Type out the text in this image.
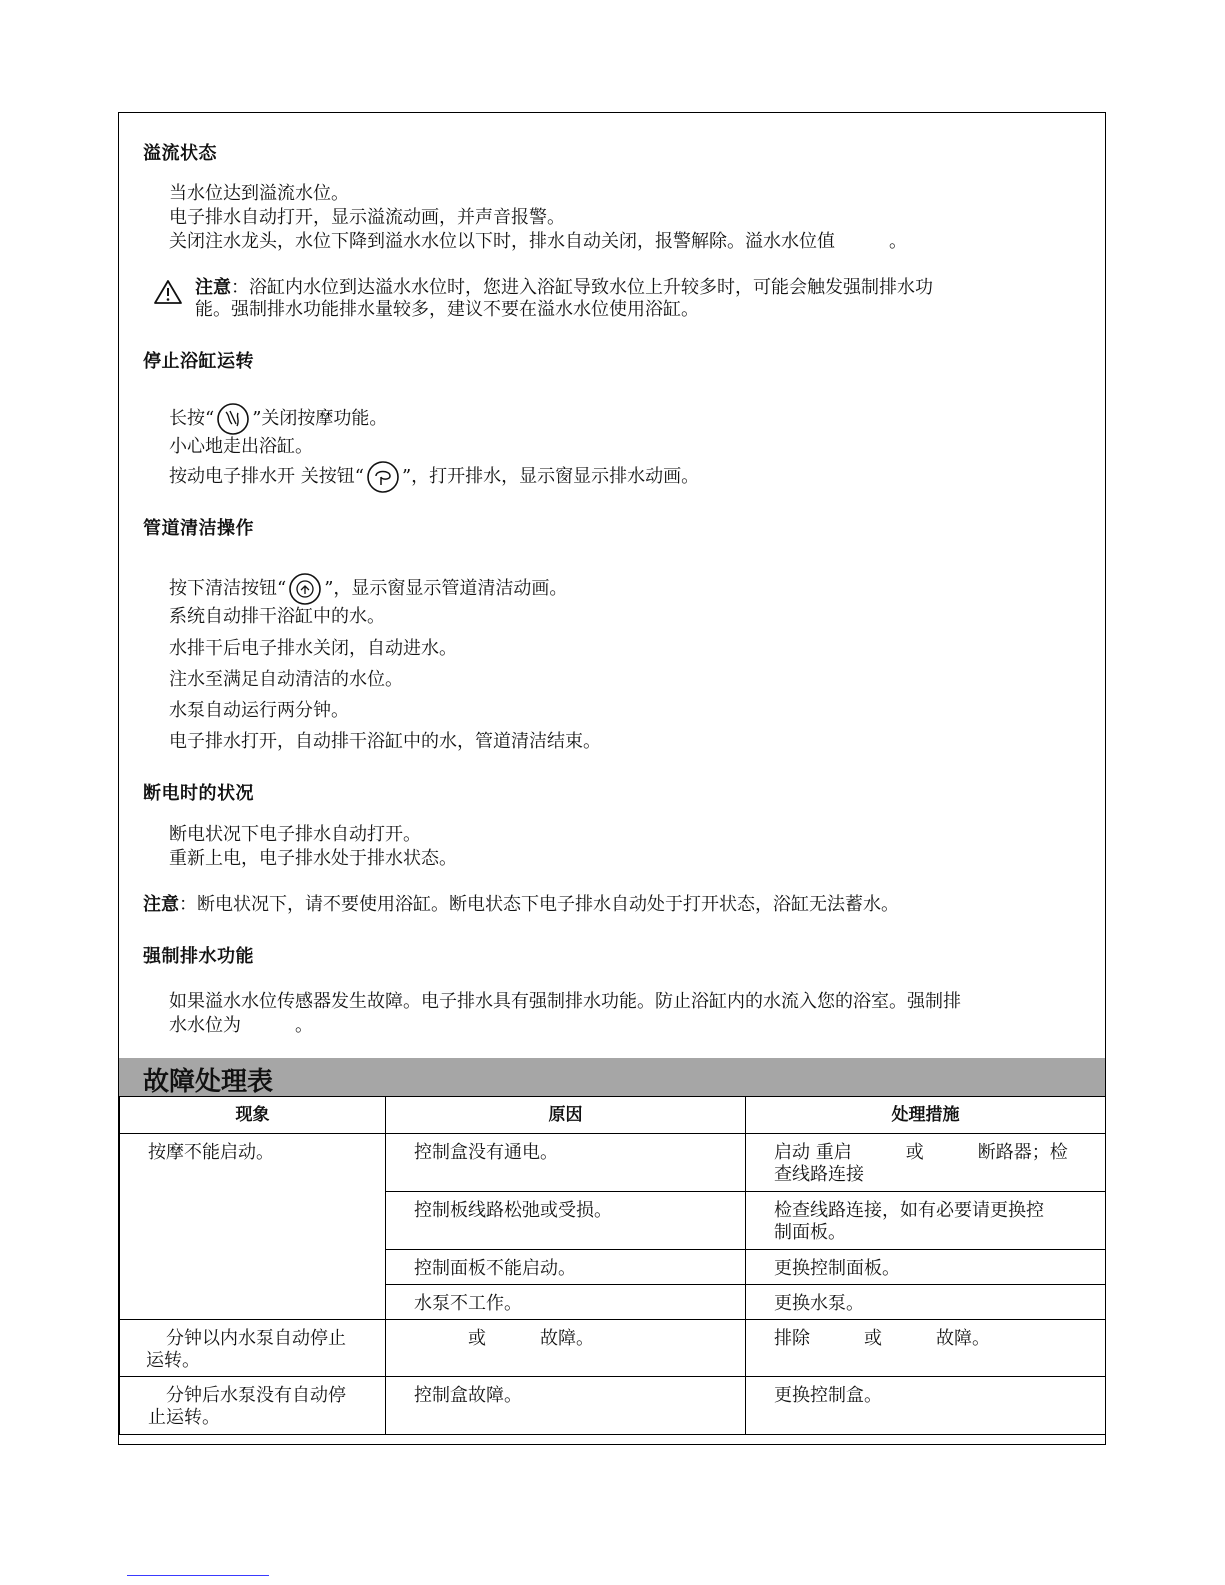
溢流状态
当水位达到溢流水位。
电子排水自动打开，显示溢流动画，并声音报警。
关闭注水龙头，水位下降到溢水水位以下时，排水自动关闭，报警解除。溢水水位值　　　。
注意：浴缸内水位到达溢水水位时，您进入浴缸导致水位上升较多时，可能会触发强制排水功
能。强制排水功能排水量较多，建议不要在溢水水位使用浴缸。
停止浴缸运转
长按“ ”关闭按摩功能。
小心地走出浴缸。
按动电子排水开 关按钮“ ”，打开排水，显示窗显示排水动画。
管道清洁操作
按下清洁按钮“ ”，显示窗显示管道清洁动画。
系统自动排干浴缸中的水。
水排干后电子排水关闭，自动进水。
注水至满足自动清洁的水位。
水泵自动运行两分钟。
电子排水打开，自动排干浴缸中的水，管道清洁结束。
断电时的状况
断电状况下电子排水自动打开。
重新上电，电子排水处于排水状态。
注意：断电状况下，请不要使用浴缸。断电状态下电子排水自动处于打开状态，浴缸无法蓄水。
强制排水功能
如果溢水水位传感器发生故障。电子排水具有强制排水功能。防止浴缸内的水流入您的浴室。强制排
水水位为　　　。
故障处理表
现象	原因	处理措施
按摩不能启动。	控制盒没有通电。	启动 重启　　　或　　　断路器；检
查线路连接

	控制板线路松弛或受损。	检查线路连接，如有必要请更换控
制面板。

	控制面板不能启动。	更换控制面板。
	水泵不工作。	更换水泵。

　分钟以内水泵自动停止
运转。	　　　或　　　故障。	排除　　　或　　　故障。

　分钟后水泵没有自动停
止运转。	控制盒故障。	更换控制盒。
